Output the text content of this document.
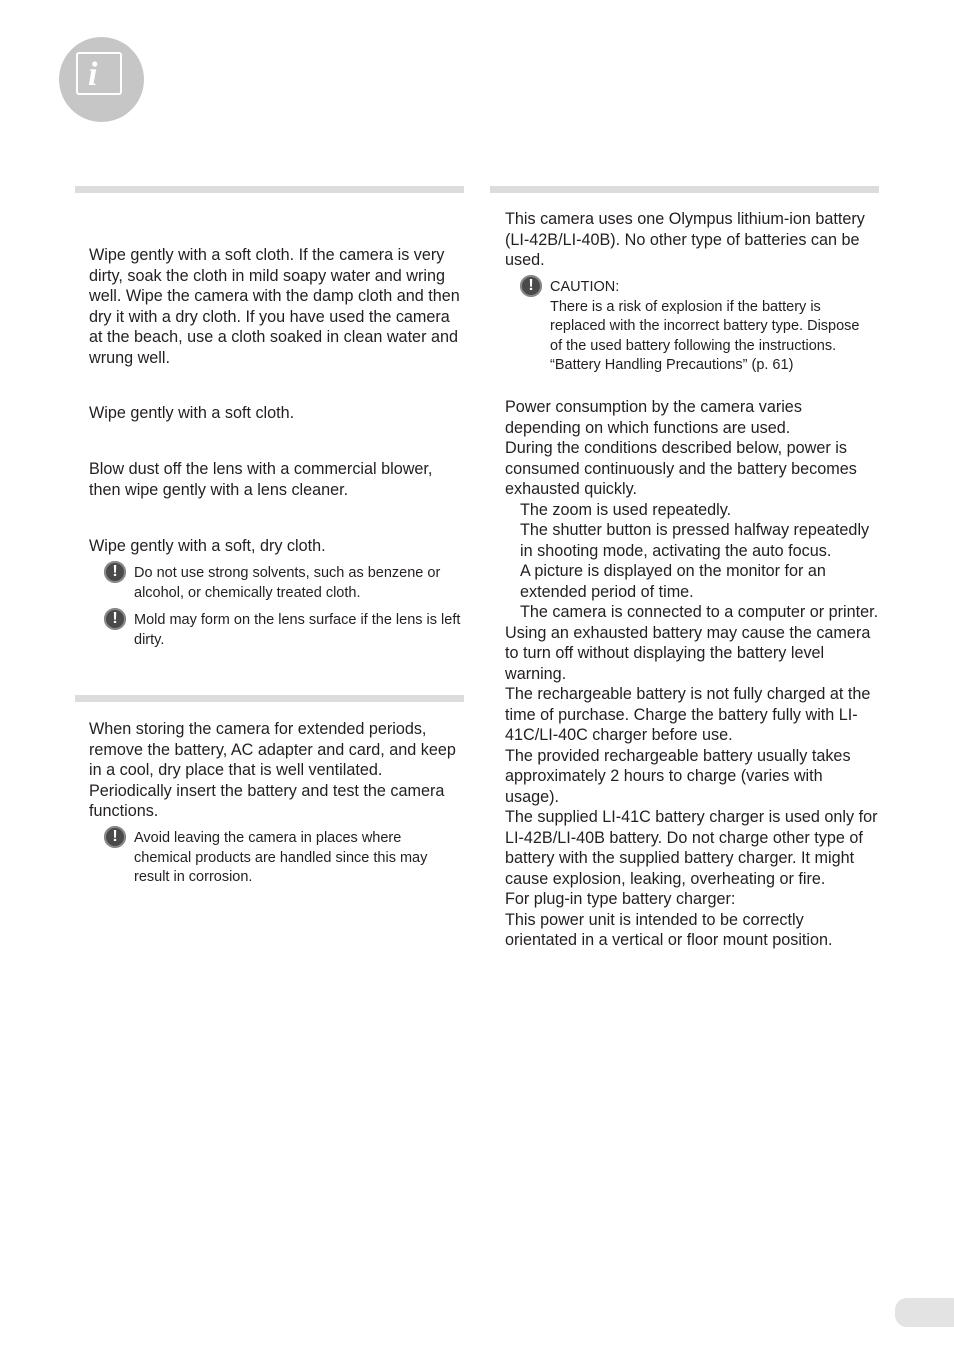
i

Wipe gently with a soft cloth. If the camera is very dirty, soak the cloth in mild soapy water and wring well. Wipe the camera with the damp cloth and then dry it with a dry cloth. If you have used the camera at the beach, use a cloth soaked in clean water and wrung well.

Wipe gently with a soft cloth.

Blow dust off the lens with a commercial blower, then wipe gently with a lens cleaner.

Wipe gently with a soft, dry cloth.

!	Do not use strong solvents, such as benzene or alcohol, or chemically treated cloth.
!	Mold may form on the lens surface if the lens is left dirty.

When storing the camera for extended periods, remove the battery, AC adapter and card, and keep in a cool, dry place that is well ventilated. Periodically insert the battery and test the camera functions.

!	Avoid leaving the camera in places where chemical products are handled since this may result in corrosion.

This camera uses one Olympus lithium-ion battery (LI-42B/LI-40B). No other type of batteries can be used.

!	CAUTION:
There is a risk of explosion if the battery is replaced with the incorrect battery type. Dispose of the used battery following the instructions. “Battery Handling Precautions” (p. 61)

Power consumption by the camera varies depending on which functions are used.

During the conditions described below, power is consumed continuously and the battery becomes exhausted quickly.

The zoom is used repeatedly.

The shutter button is pressed halfway repeatedly in shooting mode, activating the auto focus.

A picture is displayed on the monitor for an extended period of time.

The camera is connected to a computer or printer.

Using an exhausted battery may cause the camera to turn off without displaying the battery level warning.

The rechargeable battery is not fully charged at the time of purchase. Charge the battery fully with LI-41C/LI-40C charger before use.

The provided rechargeable battery usually takes approximately 2 hours to charge (varies with usage).

The supplied LI-41C battery charger is used only for LI-42B/LI-40B battery. Do not charge other type of battery with the supplied battery charger. It might cause explosion, leaking, overheating or fire.

For plug-in type battery charger:

This power unit is intended to be correctly orientated in a vertical or floor mount position.
